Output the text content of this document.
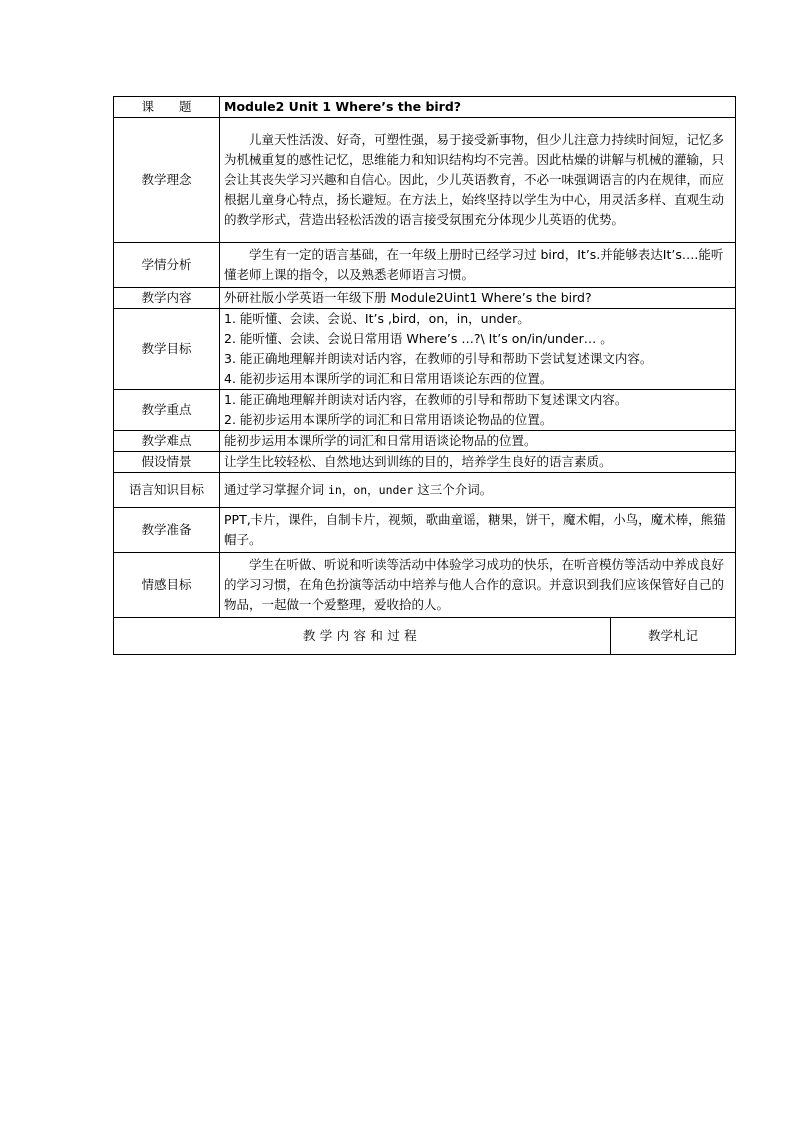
课　　题	Module2 Unit 1 Where’s the bird?	
教学理念	儿童天性活泼、好奇，可塑性强，易于接受新事物，但少儿注意力持续时间短，记忆多为机械重复的感性记忆，思维能力和知识结构均不完善。因此枯燥的讲解与机械的灌输，只会让其丧失学习兴趣和自信心。因此，少儿英语教育，不必一味强调语言的内在规律，而应根据儿童身心特点，扬长避短。在方法上，始终坚持以学生为中心，用灵活多样、直观生动的教学形式，营造出轻松活泼的语言接受氛围充分体现少儿英语的优势。	

学情分析	学生有一定的语言基础，在一年级上册时已经学习过 bird，It’s.并能够表达It’s….能听懂老师上课的指令，以及熟悉老师语言习惯。	

教学内容	外研社版小学英语一年级下册 Module2Uint1 Where’s the bird?	
教学目标	1. 能听懂、会读、会说、It’s ,bird，on，in，under。
2. 能听懂、会读、会说日常用语 Where’s …?\ It’s on/in/under… 。
3. 能正确地理解并朗读对话内容，在教师的引导和帮助下尝试复述课文内容。
4. 能初步运用本课所学的词汇和日常用语谈论东西的位置。	

教学重点	1. 能正确地理解并朗读对话内容，在教师的引导和帮助下复述课文内容。
2. 能初步运用本课所学的词汇和日常用语谈论物品的位置。	

教学难点	能初步运用本课所学的词汇和日常用语谈论物品的位置。	
假设情景	让学生比较轻松、自然地达到训练的目的，培养学生良好的语言素质。	
语言知识目标	通过学习掌握介词 in，on，under 这三个介词。	
教学准备	PPT,卡片，课件，自制卡片，视频，歌曲童谣，糖果，饼干，魔术帽，小鸟，魔术棒，熊猫帽子。	
情感目标	学生在听做、听说和听读等活动中体验学习成功的快乐，在听音模仿等活动中养成良好的学习习惯，在角色扮演等活动中培养与他人合作的意识。并意识到我们应该保管好自己的物品，一起做一个爱整理，爱收拾的人。	

教学内容和过程		教学札记
